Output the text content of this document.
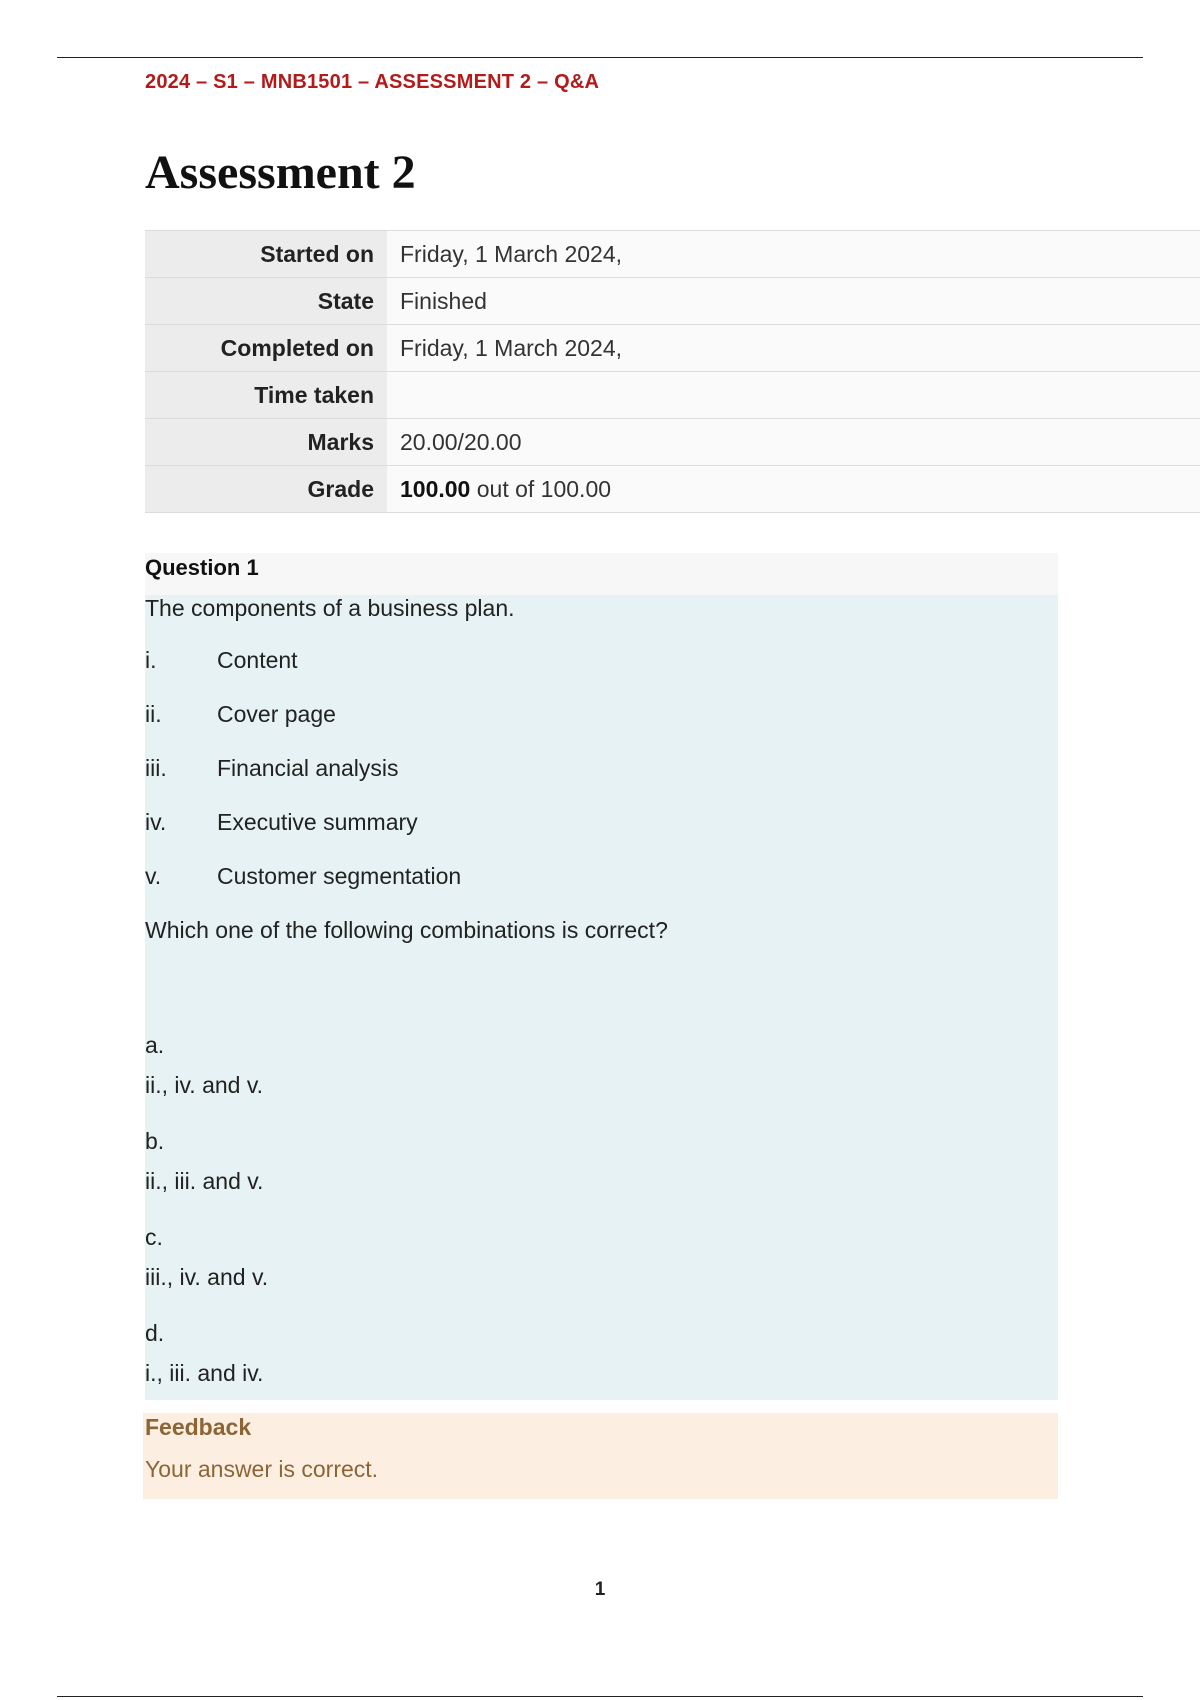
2024 – S1 – MNB1501 – ASSESSMENT 2 – Q&A
Assessment 2
Started on	Friday, 1 March 2024,
State	Finished
Completed on	Friday, 1 March 2024,
Time taken	
Marks	20.00/20.00
Grade	100.00 out of 100.00
Question 1
The components of a business plan.
i.	Content
ii.	Cover page
iii.	Financial analysis
iv.	Executive summary
v.	Customer segmentation
Which one of the following combinations is correct?
a.
ii., iv. and v.
b.
ii., iii. and v.
c.
iii., iv. and v.
d.
i., iii. and iv.
Feedback
Your answer is correct.
1
